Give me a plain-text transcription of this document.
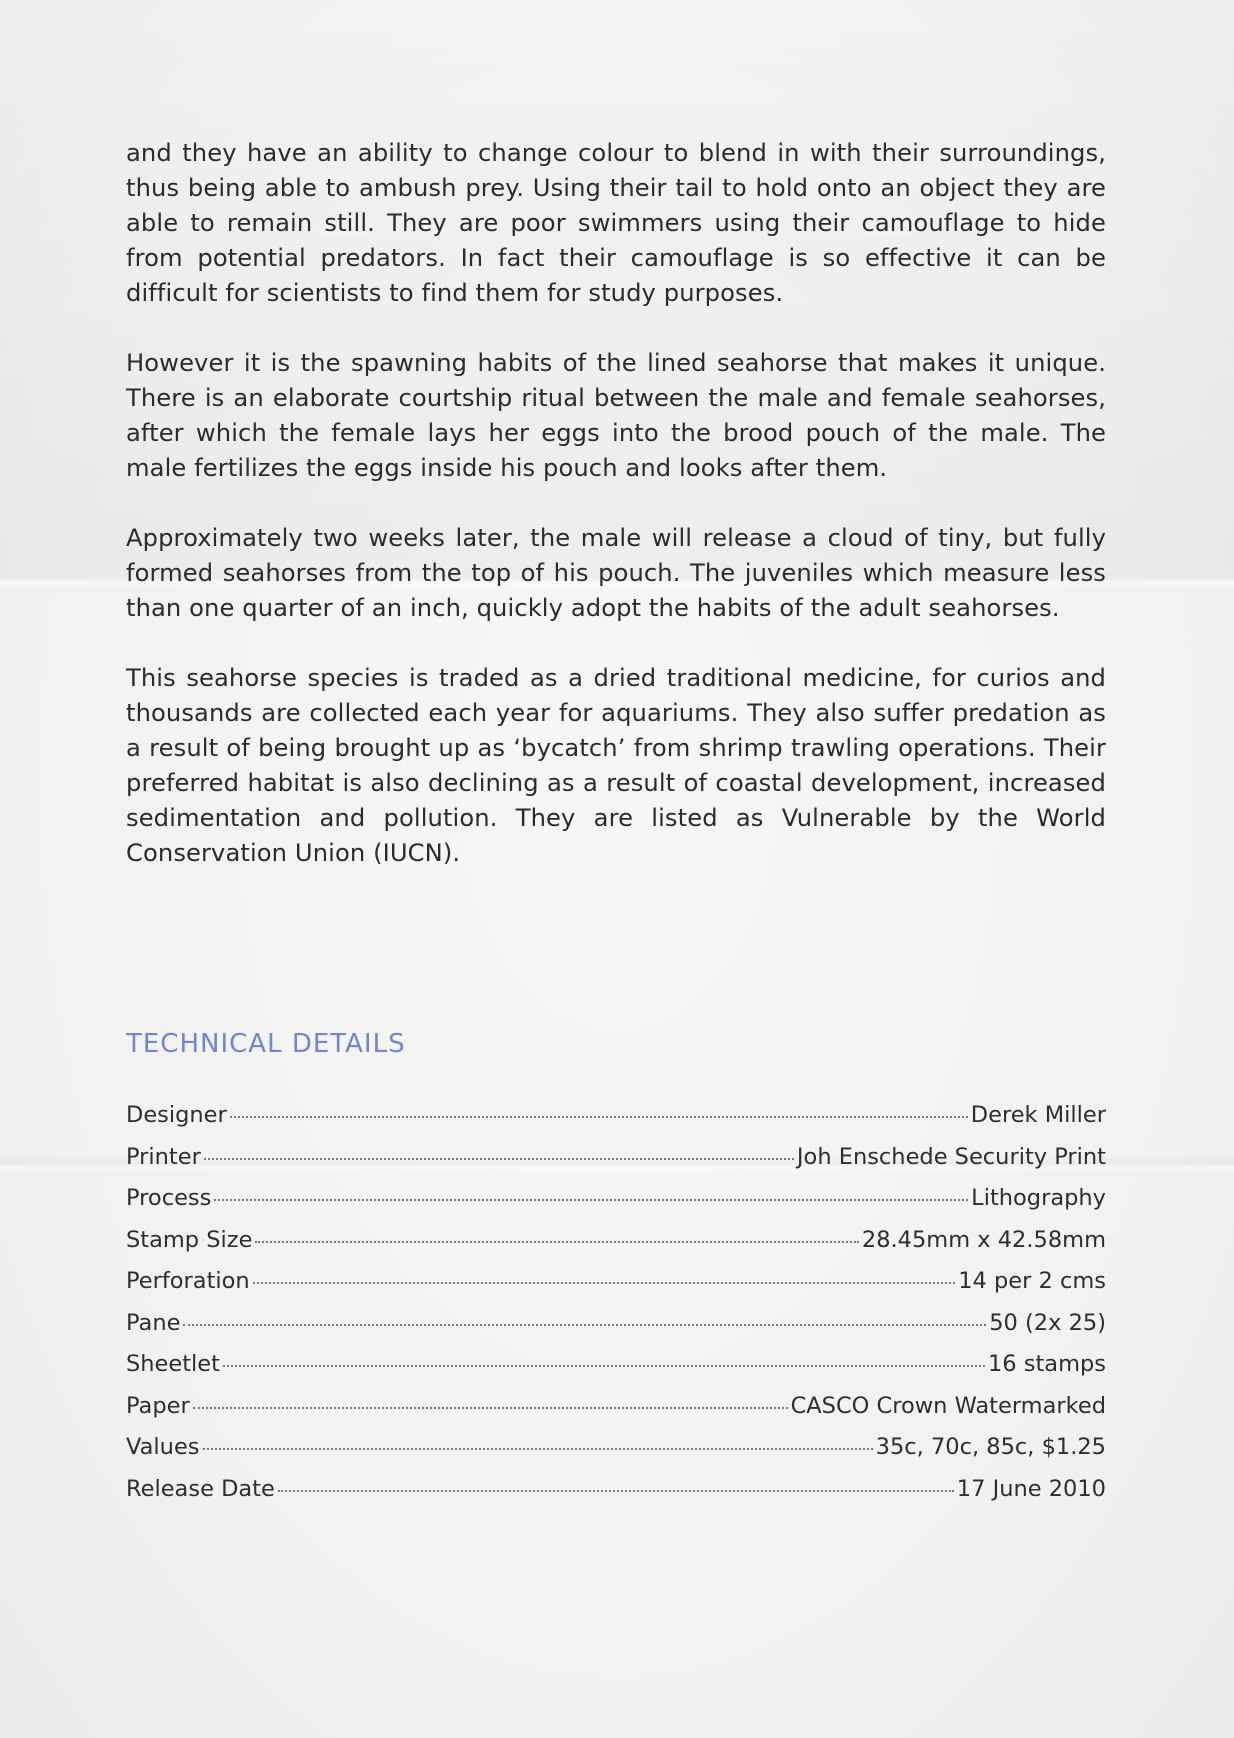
and they have an ability to change colour to blend in with their surroundings, thus being able to ambush prey. Using their tail to hold onto an object they are able to remain still. They are poor swimmers using their camouflage to hide from potential predators. In fact their camouflage is so effective it can be difficult for scientists to find them for study purposes.

However it is the spawning habits of the lined seahorse that makes it unique. There is an elaborate courtship ritual between the male and female seahorses, after which the female lays her eggs into the brood pouch of the male. The male fertilizes the eggs inside his pouch and looks after them.

Approximately two weeks later, the male will release a cloud of tiny, but fully formed seahorses from the top of his pouch. The juveniles which measure less than one quarter of an inch, quickly adopt the habits of the adult seahorses.

This seahorse species is traded as a dried traditional medicine, for curios and thousands are collected each year for aquariums. They also suffer predation as a result of being brought up as ‘bycatch’ from shrimp trawling operations. Their preferred habitat is also declining as a result of coastal development, increased sedimentation and pollution. They are listed as Vulnerable by the World Conservation Union (IUCN).

TECHNICAL DETAILS
Designer	Derek Miller
Printer	Joh Enschede Security Print
Process	Lithography
Stamp Size	28.45mm x 42.58mm
Perforation	14 per 2 cms
Pane	50 (2x 25)
Sheetlet	16 stamps
Paper	CASCO Crown Watermarked
Values	35c, 70c, 85c, $1.25
Release Date	17 June 2010
